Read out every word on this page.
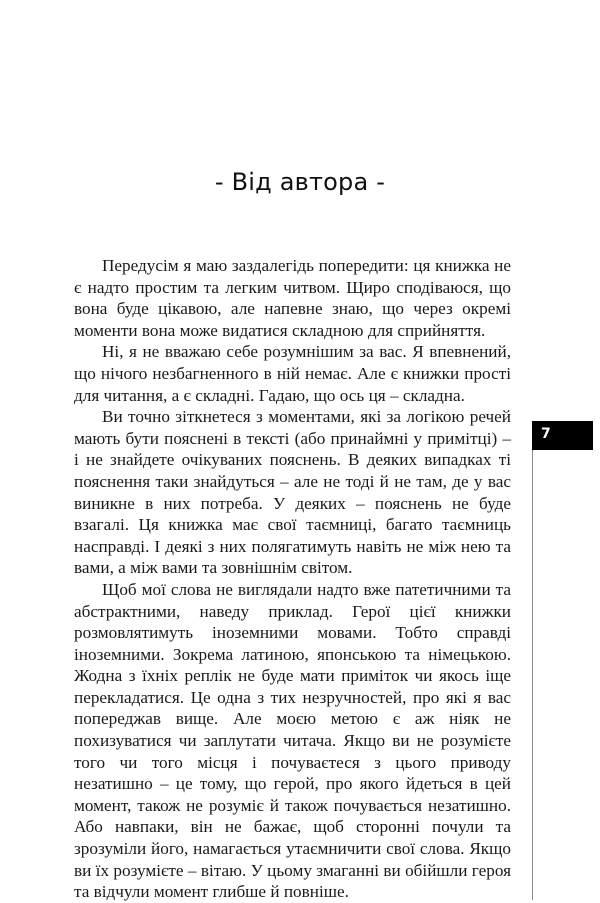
- Від автора -

Передусім я маю заздалегідь попередити: ця книжка не є надто простим та легким читвом. Щиро сподіваюся, що вона буде цікавою, але напевне знаю, що через окремі моменти вона може видатися складною для сприйняття.

Ні, я не вважаю себе розумнішим за вас. Я впевнений, що нічого незбагненного в ній немає. Але є книжки прості для читання, а є складні. Гадаю, що ось ця – складна.

Ви точно зіткнетеся з моментами, які за логікою речей мають бути пояснені в тексті (або принаймні у примітці) – і не знайдете очікуваних пояснень. В деяких випадках ті пояснення таки знайдуться – але не тоді й не там, де у вас виникне в них потреба. У деяких – пояснень не буде взагалі. Ця книжка має свої таємниці, багато таємниць насправді. І деякі з них полягатимуть навіть не між нею та вами, а між вами та зовнішнім світом.

Щоб мої слова не виглядали надто вже патетичними та абстрактними, наведу приклад. Герої цієї книжки розмовлятимуть іноземними мовами. Тобто справді іноземними. Зокрема латиною, японською та німецькою. Жодна з їхніх реплік не буде мати приміток чи якось іще перекладатися. Це одна з тих незручностей, про які я вас попереджав вище. Але моєю метою є аж ніяк не похизуватися чи заплутати читача. Якщо ви не розумієте того чи того місця і почуваєтеся з цього приводу незатишно – це тому, що герой, про якого йдеться в цей момент, також не розуміє й також почувається незатишно. Або навпаки, він не бажає, щоб сторонні почули та зрозуміли його, намагається утаємничити свої слова. Якщо ви їх розумієте – вітаю. У цьому змаганні ви обійшли героя та відчули момент глибше й повніше.

7
